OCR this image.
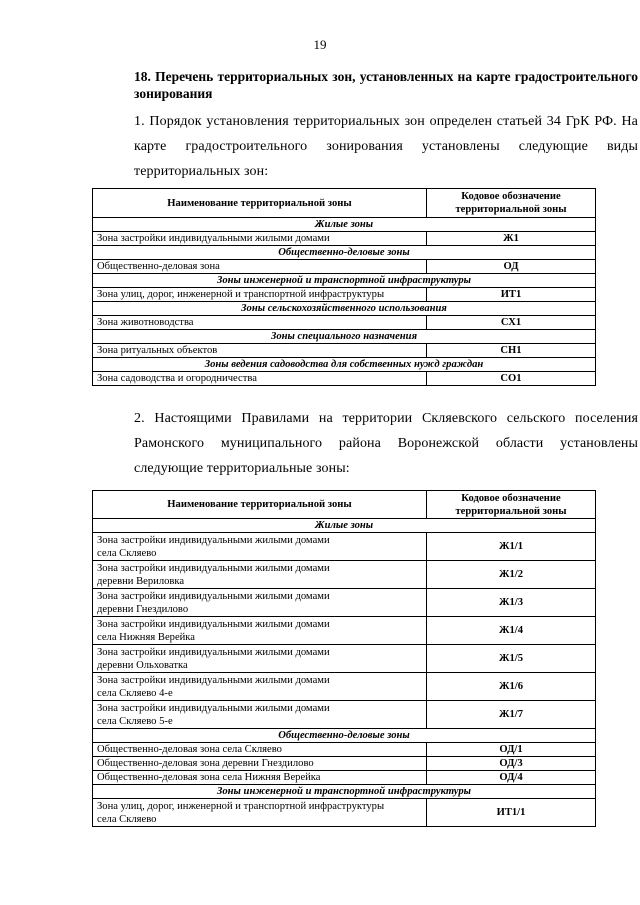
19
18. Перечень территориальных зон, установленных на карте градостроительного зонирования
1. Порядок установления территориальных зон определен статьей 34 ГрК РФ. На карте градостроительного зонирования установлены следующие виды территориальных зон:
Наименование территориальной зоны	Кодовое обозначение территориальной зоны
Жилые зоны	
Зона застройки индивидуальными жилыми домами	Ж1
Общественно-деловые зоны	
Общественно-деловая зона	ОД
Зоны инженерной и транспортной инфраструктуры	
Зона улиц, дорог, инженерной и транспортной инфраструктуры	ИТ1
Зоны сельскохозяйственного использования	
Зона животноводства	СХ1
Зоны специального назначения	
Зона ритуальных объектов	СН1
Зоны ведения садоводства для собственных нужд граждан	
Зона садоводства и огородничества	СО1
2. Настоящими Правилами на территории Скляевского сельского поселения Рамонского муниципального района Воронежской области установлены следующие территориальные зоны:
Наименование территориальной зоны	Кодовое обозначение территориальной зоны
Жилые зоны	
Зона застройки индивидуальными жилыми домами
села Скляево	Ж1/1
Зона застройки индивидуальными жилыми домами
деревни Вериловка	Ж1/2
Зона застройки индивидуальными жилыми домами
деревни Гнездилово	Ж1/3
Зона застройки индивидуальными жилыми домами
села Нижняя Верейка	Ж1/4
Зона застройки индивидуальными жилыми домами
деревни Ольховатка	Ж1/5
Зона застройки индивидуальными жилыми домами
села Скляево 4-е	Ж1/6
Зона застройки индивидуальными жилыми домами
села Скляево 5-е	Ж1/7
Общественно-деловые зоны	
Общественно-деловая зона села Скляево	ОД/1
Общественно-деловая зона деревни Гнездилово	ОД/3
Общественно-деловая зона села Нижняя Верейка	ОД/4
Зоны инженерной и транспортной инфраструктуры	
Зона улиц, дорог, инженерной и транспортной инфраструктуры
села Скляево	ИТ1/1
